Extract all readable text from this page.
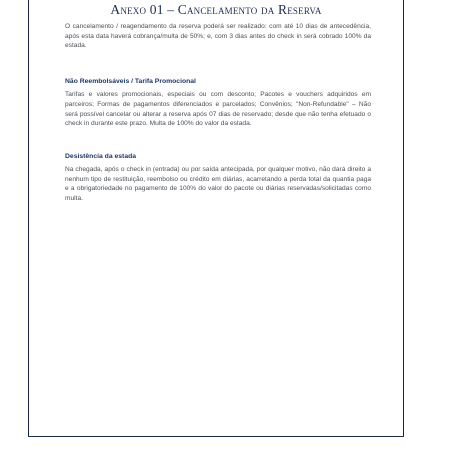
Anexo 01 – Cancelamento da Reserva

O cancelamento / reagendamento da reserva poderá ser realizado: com até 10 dias de antecedência, após esta data haverá cobrança/multa de 50%; e, com 3 dias antes do check in será cobrado 100% da estada.

Não Reembolsáveis / Tarifa Promocional

Tarifas e valores promocionais, especiais ou com desconto; Pacotes e vouchers adquiridos em parceiros; Formas de pagamentos diferenciados e parcelados; Convênios; "Non-Refundable" – Não será possível cancelar ou alterar a reserva após 07 dias de reservado; desde que não tenha efetuado o check in durante este prazo. Multa de 100% do valor da estada.

Desistência da estada

Na chegada, após o check in (entrada) ou por saída antecipada, por qualquer motivo, não dará direito a nenhum tipo de restituição, reembolso ou crédito em diárias, acarretando a perda total da quantia paga e a obrigatoriedade no pagamento de 100% do valor do pacote ou diárias reservadas/solicitadas como multa.
